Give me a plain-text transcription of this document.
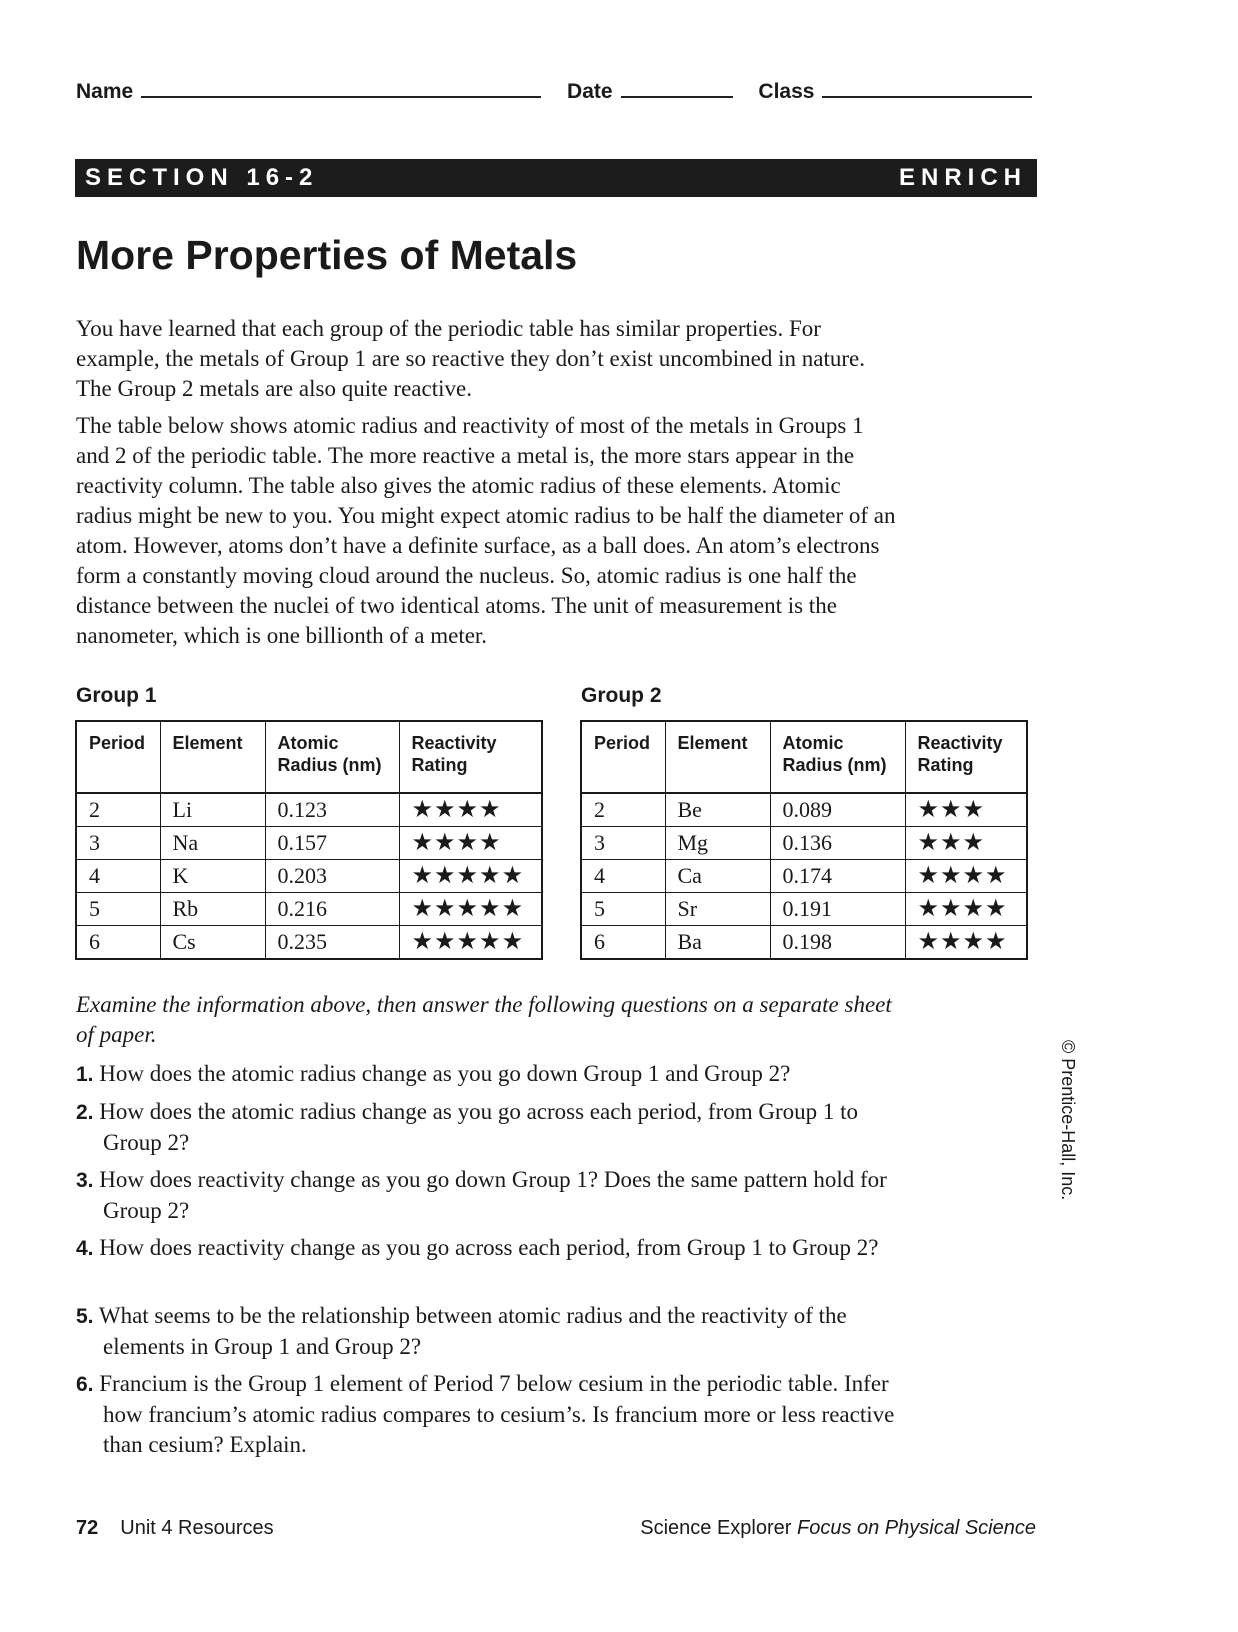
Name	Date	Class
SECTION 16-2	ENRICH
More Properties of Metals

You have learned that each group of the periodic table has similar properties. For example, the metals of Group 1 are so reactive they don’t exist uncombined in nature. The Group 2 metals are also quite reactive.

The table below shows atomic radius and reactivity of most of the metals in Groups 1 and 2 of the periodic table. The more reactive a metal is, the more stars appear in the reactivity column. The table also gives the atomic radius of these elements. Atomic radius might be new to you. You might expect atomic radius to be half the diameter of an atom. However, atoms don’t have a definite surface, as a ball does. An atom’s electrons form a constantly moving cloud around the nucleus. So, atomic radius is one half the distance between the nuclei of two identical atoms. The unit of measurement is the nanometer, which is one billionth of a meter.

Group 1
Period	Element	Atomic Radius (nm)	Reactivity Rating
2	Li	0.123	★★★★
3	Na	0.157	★★★★
4	K	0.203	★★★★★
5	Rb	0.216	★★★★★
6	Cs	0.235	★★★★★
Group 2
Period	Element	Atomic Radius (nm)	Reactivity Rating
2	Be	0.089	★★★
3	Mg	0.136	★★★
4	Ca	0.174	★★★★
5	Sr	0.191	★★★★
6	Ba	0.198	★★★★

Examine the information above, then answer the following questions on a separate sheet of paper.

1. How does the atomic radius change as you go down Group 1 and Group 2?
2. How does the atomic radius change as you go across each period, from Group 1 to Group 2?
3. How does reactivity change as you go down Group 1? Does the same pattern hold for Group 2?
4. How does reactivity change as you go across each period, from Group 1 to Group 2?
5. What seems to be the relationship between atomic radius and the reactivity of the elements in Group 1 and Group 2?
6. Francium is the Group 1 element of Period 7 below cesium in the periodic table. Infer how francium’s atomic radius compares to cesium’s. Is francium more or less reactive than cesium? Explain.
© Prentice-Hall, Inc.
72 Unit 4 Resources	Science Explorer Focus on Physical Science
